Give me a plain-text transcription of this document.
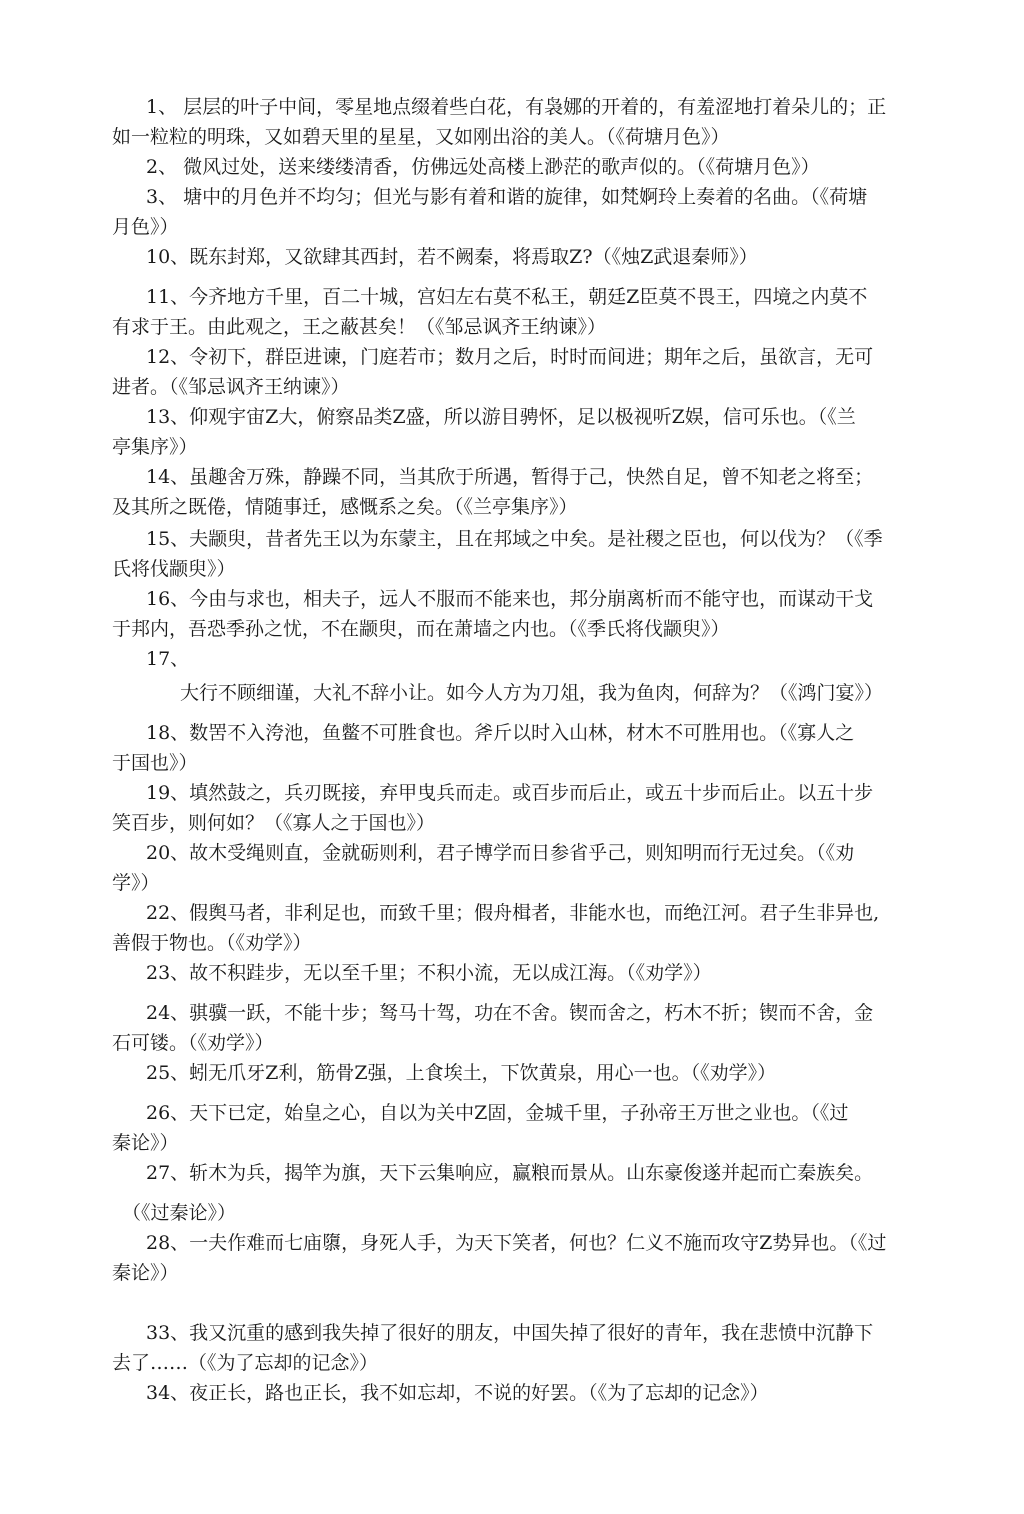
1、 层层的叶子中间，零星地点缀着些白花，有袅娜的开着的，有羞涩地打着朵儿的；正
如一粒粒的明珠，又如碧天里的星星，又如刚出浴的美人。（《荷塘月色》）
2、 微风过处，送来缕缕清香，仿佛远处高楼上渺茫的歌声似的。（《荷塘月色》）
3、 塘中的月色并不均匀；但光与影有着和谐的旋律，如梵婀玲上奏着的名曲。（《荷塘
月色》）
10、既东封郑，又欲肆其西封，若不阙秦，将焉取Z?（《烛Z武退秦师》）
11、今齐地方千里，百二十城，宫妇左右莫不私王，朝廷Z臣莫不畏王，四境之内莫不
有求于王。由此观之，王之蔽甚矣！（《邹忌讽齐王纳谏》）
12、令初下，群臣进谏，门庭若市；数月之后，时时而间进；期年之后，虽欲言，无可
进者。（《邹忌讽齐王纳谏》）
13、仰观宇宙Z大，俯察品类Z盛，所以游目骋怀，足以极视听Z娱，信可乐也。（《兰
亭集序》）
14、虽趣舍万殊，静躁不同，当其欣于所遇，暂得于己，快然自足，曾不知老之将至；
及其所之既倦，情随事迁，感慨系之矣。（《兰亭集序》）
15、夫颛臾，昔者先王以为东蒙主，且在邦域之中矣。是社稷之臣也，何以伐为？（《季
氏将伐颛臾》）
16、今由与求也，相夫子，远人不服而不能来也，邦分崩离析而不能守也，而谋动干戈
于邦内，吾恐季孙之忧，不在颛臾，而在萧墙之内也。（《季氏将伐颛臾》）
17、
大行不顾细谨，大礼不辞小让。如今人方为刀俎，我为鱼肉，何辞为？（《鸿门宴》）
18、数罟不入洿池，鱼鳖不可胜食也。斧斤以时入山林，材木不可胜用也。（《寡人之
于国也》）
19、填然鼓之，兵刃既接，弃甲曳兵而走。或百步而后止，或五十步而后止。以五十步
笑百步，则何如？（《寡人之于国也》）
20、故木受绳则直，金就砺则利，君子博学而日参省乎己，则知明而行无过矣。（《劝
学》）
22、假舆马者，非利足也，而致千里；假舟楫者，非能水也，而绝江河。君子生非异也,
善假于物也。（《劝学》）
23、故不积跬步，无以至千里；不积小流，无以成江海。（《劝学》）
24、骐骥一跃，不能十步；驽马十驾，功在不舍。锲而舍之，朽木不折；锲而不舍，金
石可镂。（《劝学》）
25、蚓无爪牙Z利，筋骨Z强，上食埃土，下饮黄泉，用心一也。（《劝学》）
26、天下已定，始皇之心，自以为关中Z固，金城千里，子孙帝王万世之业也。（《过
秦论》）
27、斩木为兵，揭竿为旗，天下云集响应，赢粮而景从。山东豪俊遂并起而亡秦族矣。
（《过秦论》）
28、一夫作难而七庙隳，身死人手，为天下笑者，何也？仁义不施而攻守Z势异也。（《过
秦论》）
33、我又沉重的感到我失掉了很好的朋友，中国失掉了很好的青年，我在悲愤中沉静下
去了……（《为了忘却的记念》）
34、夜正长，路也正长，我不如忘却，不说的好罢。（《为了忘却的记念》）
